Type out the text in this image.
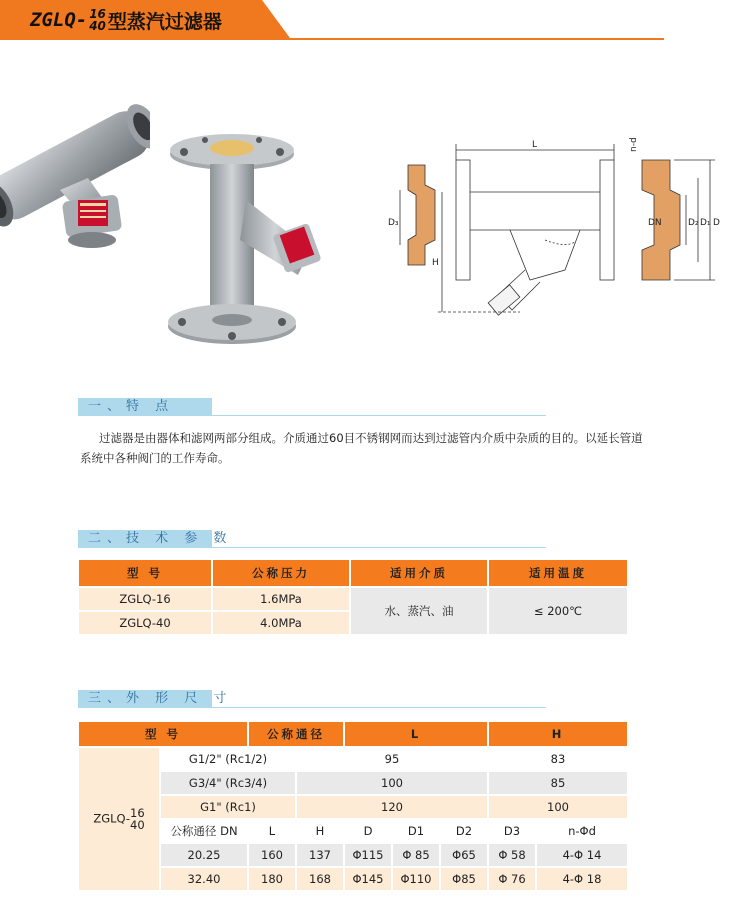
ZGLQ- 16
40 型蒸汽过滤器
L
D₃
H
n-d
DN	D₂ D₁ D
一、特 点
过滤器是由器体和滤网两部分组成。介质通过60目不锈钢网而达到过滤管内介质中杂质的目的。以延长管道系统中各种阀门的工作寿命。
二、技 术 参 数
型 号	公称压力	适用介质	适用温度
ZGLQ-16	1.6MPa	水、蒸汽、油	≤ 200℃
ZGLQ-40	4.0MPa		
三、外 形 尺 寸
型 号		公称通径		L			H	
ZGLQ- 16
40	G1/2" (Rc1/2)		95				83	
	G3/4" (Rc3/4)		100				85	
	G1" (Rc1)		120				100	
	公称通径 DN	L	H	D	D1	D2	D3	n-Φd
	20.25	160	137	Φ115	Φ 85	Φ65	Φ 58	4-Φ 14
	32.40	180	168	Φ145	Φ110	Φ85	Φ 76	4-Φ 18
